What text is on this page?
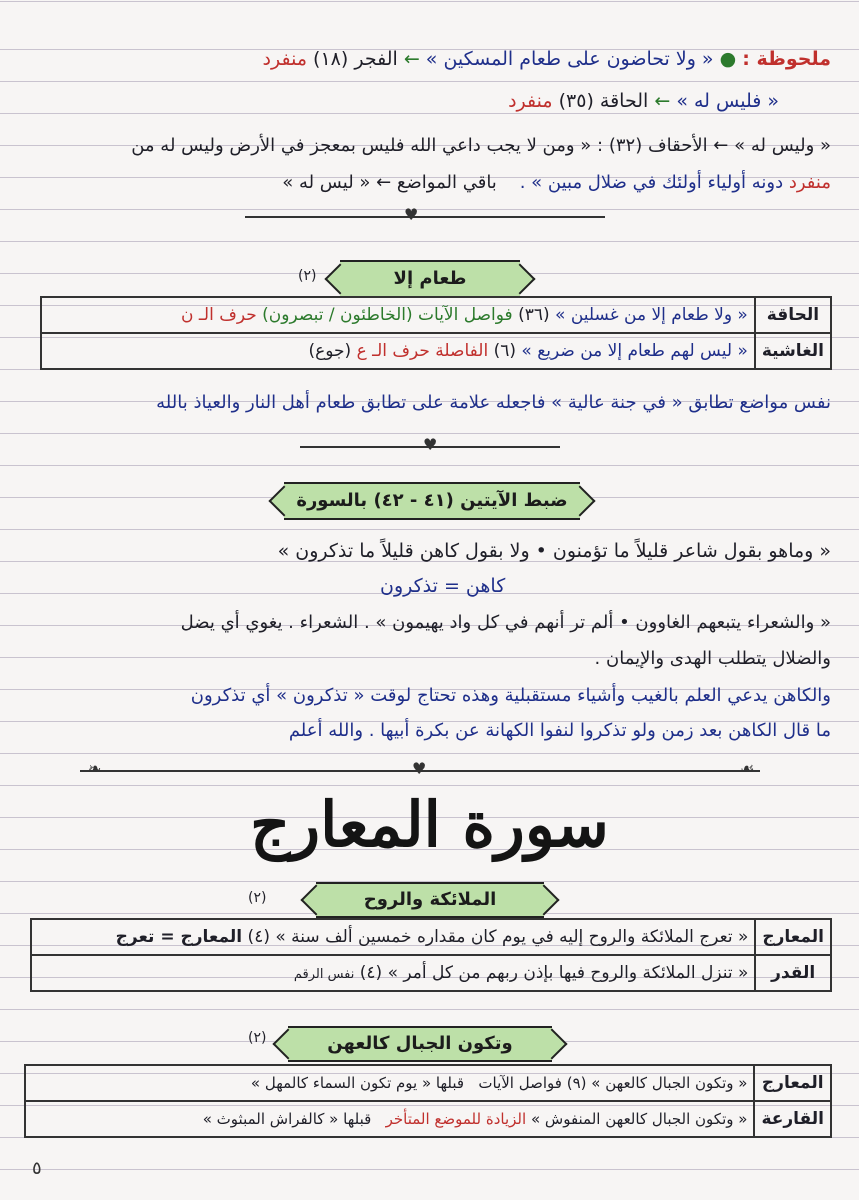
ملحوظة : ● « ولا تحاضون على طعام المسكين » ← الفجر (١٨) منفرد
« فليس له » ← الحاقة (٣٥) منفرد
« وليس له » ← الأحقاف (٣٢) : « ومن لا يجب داعي الله فليس بمعجز في الأرض وليس له من
منفرد دونه أولياء أولئك في ضلال مبين » .    باقي المواضع ← « ليس له »
♥
طعام إلا
(٢)
الحاقة	« ولا طعام إلا من غسلين » (٣٦) فواصل الآيات (الخاطئون / تبصرون) حرف الـ ن
الغاشية	« ليس لهم طعام إلا من ضريع » (٦) الفاصلة حرف الـ ع (جوع)
نفس مواضع تطابق « في جنة عالية » فاجعله علامة على تطابق طعام أهل النار والعياذ بالله
♥
ضبط الآيتين (٤١ - ٤٢) بالسورة
« وماهو بقول شاعر قليلاً ما تؤمنون • ولا بقول كاهن قليلاً ما تذكرون »
كاهن = تذكرون
« والشعراء يتبعهم الغاوون • ألم تر أنهم في كل واد يهيمون » . الشعراء . يغوي أي يضل
والضلال يتطلب الهدى والإيمان .
والكاهن يدعي العلم بالغيب وأشياء مستقبلية وهذه تحتاج لوقت « تذكرون » أي تذكرون
ما قال الكاهن بعد زمن ولو تذكروا لنفوا الكهانة عن بكرة أبيها . والله أعلم
♥
❧	☙
سورة المعارج
الملائكة والروح
(٢)
المعارج	« تعرج الملائكة والروح إليه في يوم كان مقداره خمسين ألف سنة » (٤) المعارج = تعرج
القدر	« تنزل الملائكة والروح فيها بإذن ربهم من كل أمر » (٤) نفس الرقم
وتكون الجبال كالعهن
(٢)
المعارج	« وتكون الجبال كالعهن » (٩) فواصل الآيات   قبلها « يوم تكون السماء كالمهل »
القارعة	« وتكون الجبال كالعهن المنفوش » الزيادة للموضع المتأخر   قبلها « كالفراش المبثوث »
٥
